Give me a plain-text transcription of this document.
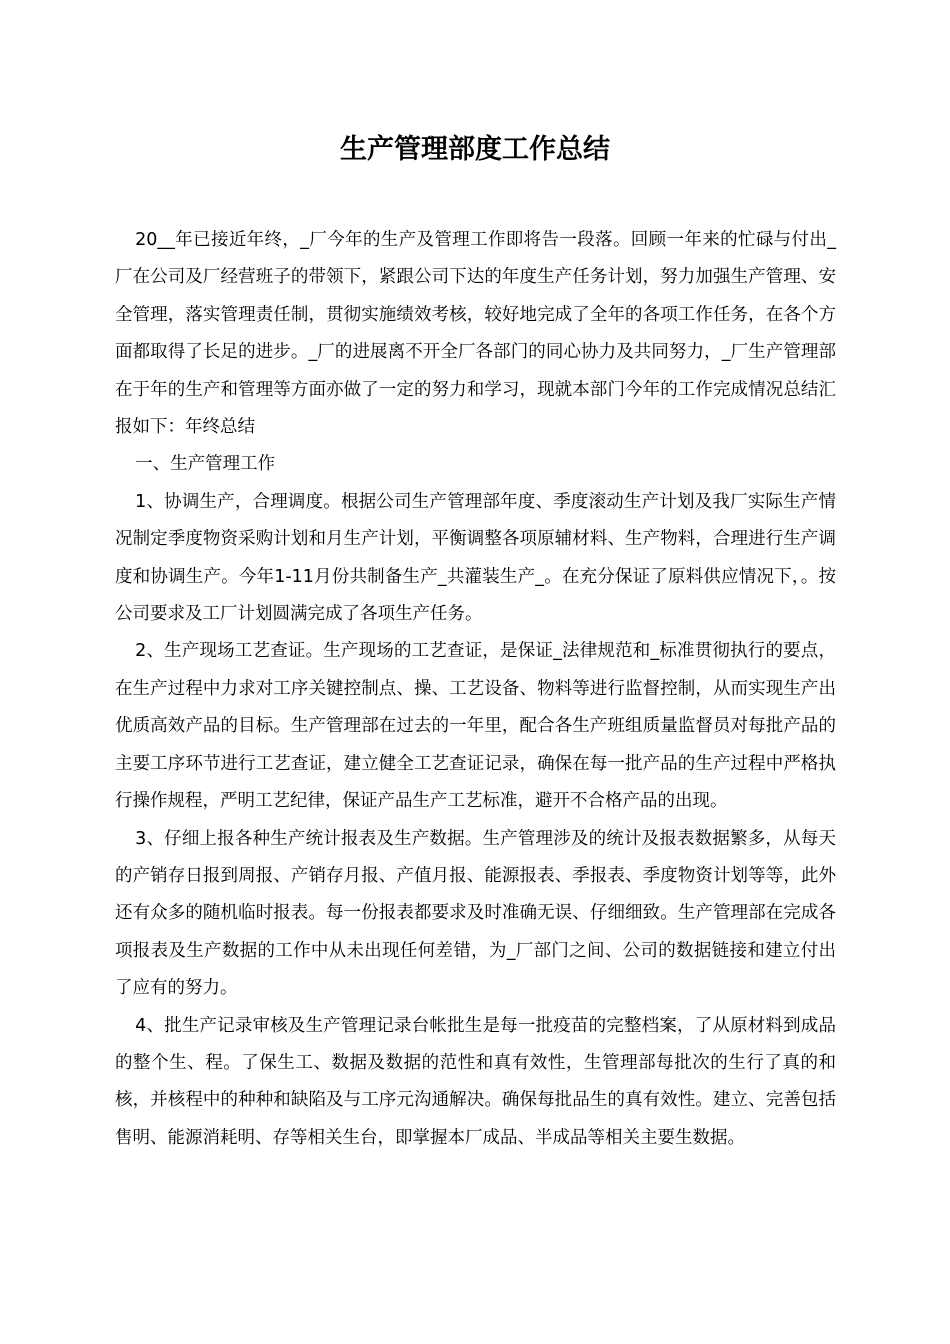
生产管理部度工作总结

20__年已接近年终，_厂今年的生产及管理工作即将告一段落。回顾一年来的忙碌与付出_厂在公司及厂经营班子的带领下，紧跟公司下达的年度生产任务计划，努力加强生产管理、安全管理，落实管理责任制，贯彻实施绩效考核，较好地完成了全年的各项工作任务，在各个方面都取得了长足的进步。_厂的进展离不开全厂各部门的同心协力及共同努力，_厂生产管理部在于年的生产和管理等方面亦做了一定的努力和学习，现就本部门今年的工作完成情况总结汇报如下：年终总结

一、生产管理工作

1、协调生产，合理调度。根据公司生产管理部年度、季度滚动生产计划及我厂实际生产情况制定季度物资采购计划和月生产计划，平衡调整各项原辅材料、生产物料，合理进行生产调度和协调生产。今年1-11月份共制备生产_共灌装生产_。在充分保证了原料供应情况下，。按公司要求及工厂计划圆满完成了各项生产任务。

2、生产现场工艺查证。生产现场的工艺查证，是保证_法律规范和_标准贯彻执行的要点，在生产过程中力求对工序关键控制点、操、工艺设备、物料等进行监督控制，从而实现生产出优质高效产品的目标。生产管理部在过去的一年里，配合各生产班组质量监督员对每批产品的主要工序环节进行工艺查证，建立健全工艺查证记录，确保在每一批产品的生产过程中严格执行操作规程，严明工艺纪律，保证产品生产工艺标准，避开不合格产品的出现。

3、仔细上报各种生产统计报表及生产数据。生产管理涉及的统计及报表数据繁多，从每天的产销存日报到周报、产销存月报、产值月报、能源报表、季报表、季度物资计划等等，此外还有众多的随机临时报表。每一份报表都要求及时准确无误、仔细细致。生产管理部在完成各项报表及生产数据的工作中从未出现任何差错，为_厂部门之间、公司的数据链接和建立付出了应有的努力。

4、批生产记录审核及生产管理记录台帐批生是每一批疫苗的完整档案，了从原材料到成品的整个生、程。了保生工、数据及数据的范性和真有效性，生管理部每批次的生行了真的和核，并核程中的种种和缺陷及与工序元沟通解决。确保每批品生的真有效性。建立、完善包括售明、能源消耗明、存等相关生台，即掌握本厂成品、半成品等相关主要生数据。
